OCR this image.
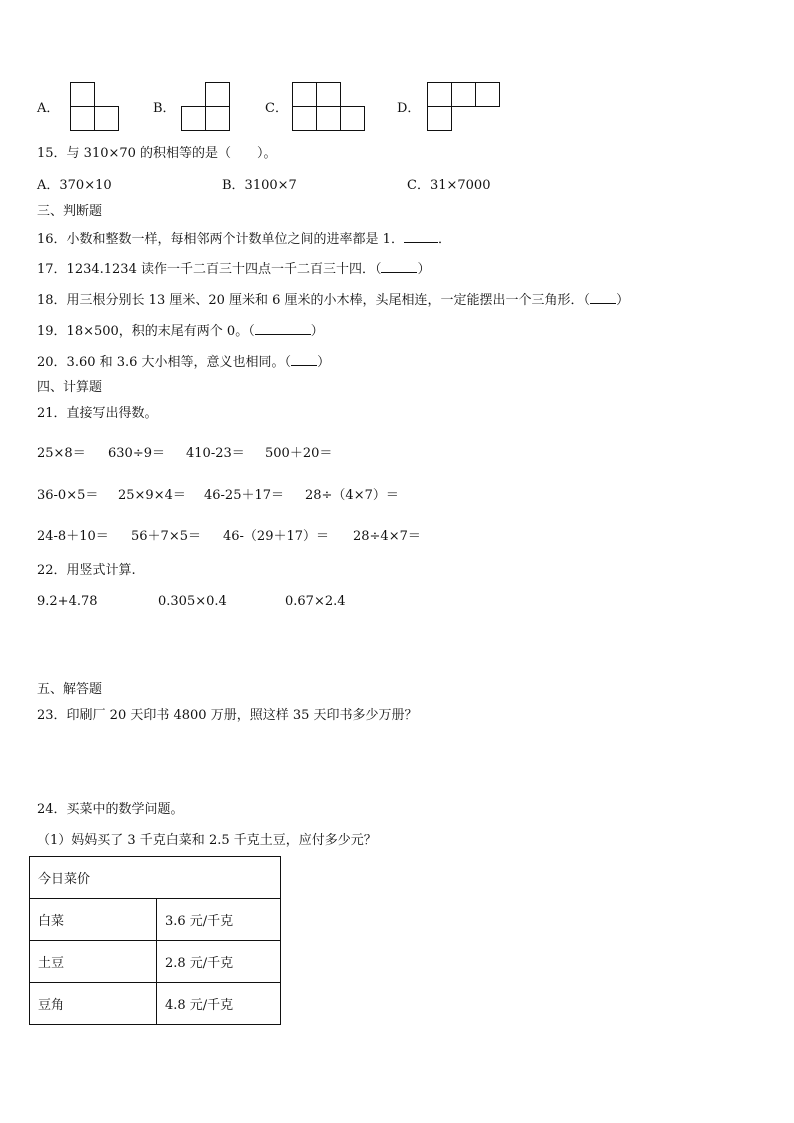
A．	B．	C．	D．
15．与 310×70 的积相等的是（　　）。
A．370×10	B．3100×7	C．31×7000
三、判断题
16．小数和整数一样，每相邻两个计数单位之间的进率都是 1．	．
17．1234.1234 读作一千二百三十四点一千二百三十四．（	）
18．用三根分别长 13 厘米、20 厘米和 6 厘米的小木棒，头尾相连，一定能摆出一个三角形．（ ）
19．18×500，积的末尾有两个 0。（	）
20．3.60 和 3.6 大小相等，意义也相同。（ ）
四、计算题
21．直接写出得数。
25×8＝ 630÷9＝ 410-23＝ 500＋20＝
36-0×5＝ 25×9×4＝ 46-25＋17＝ 28÷（4×7）＝
24-8＋10＝ 56＋7×5＝ 46-（29＋17）＝ 28÷4×7＝
22．用竖式计算.
9.2+4.78	0.305×0.4	0.67×2.4
五、解答题
23．印刷厂 20 天印书 4800 万册，照这样 35 天印书多少万册？
24．买菜中的数学问题。
（1）妈妈买了 3 千克白菜和 2.5 千克土豆，应付多少元？
今日菜价	
白菜	3.6 元/千克
土豆	2.8 元/千克
豆角	4.8 元/千克
